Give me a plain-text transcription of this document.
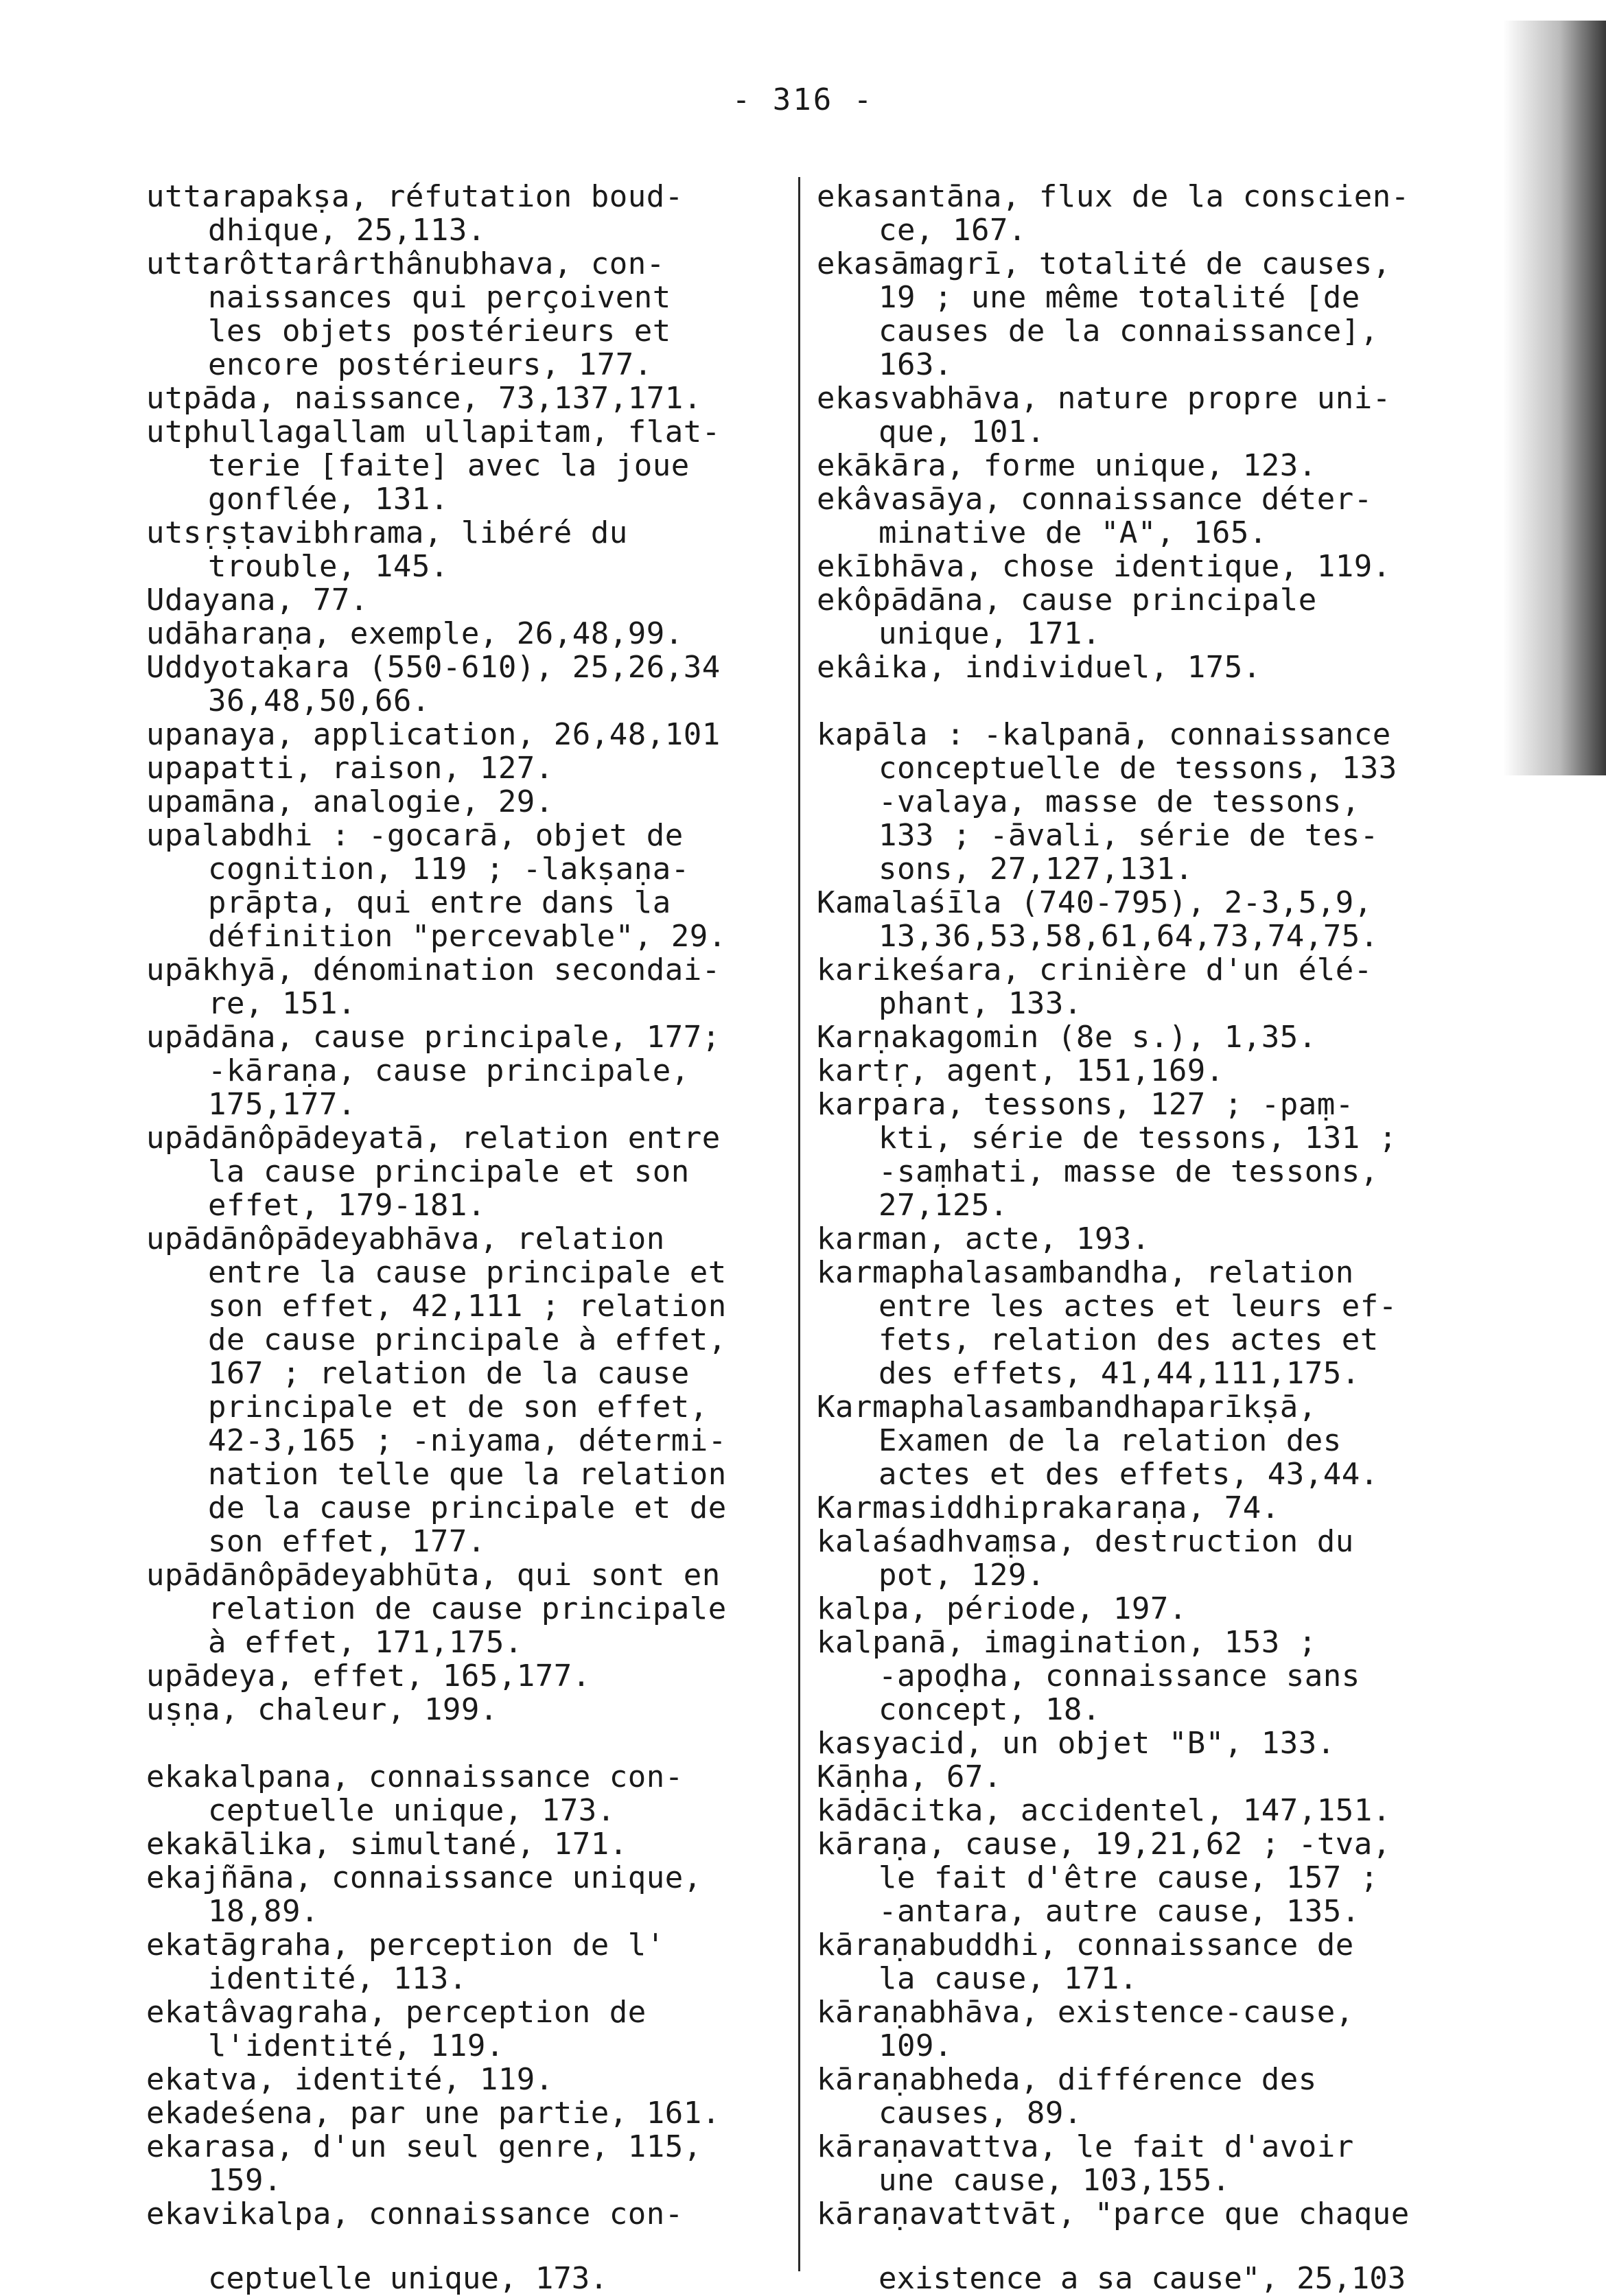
- 316 -

uttarapakṣa, réfutation boud-
dhique, 25,113.

uttarôttarârthânubhava, con-
naissances qui perçoivent
les objets postérieurs et
encore postérieurs, 177.

utpāda, naissance, 73,137,171.

utphullagallam ullapitam, flat-
terie [faite] avec la joue
gonflée, 131.

utsṛṣṭavibhrama, libéré du
trouble, 145.

Udayana, 77.

udāharaṇa, exemple, 26,48,99.

Uddyotakara (550-610), 25,26,34
36,48,50,66.

upanaya, application, 26,48,101

upapatti, raison, 127.

upamāna, analogie, 29.

upalabdhi : -gocarā, objet de
cognition, 119 ; -lakṣaṇa-
prāpta, qui entre dans la
définition "percevable", 29.

upākhyā, dénomination secondai-
re, 151.

upādāna, cause principale, 177;
-kāraṇa, cause principale,
175,177.

upādānôpādeyatā, relation entre
la cause principale et son
effet, 179-181.

upādānôpādeyabhāva, relation
entre la cause principale et
son effet, 42,111 ; relation
de cause principale à effet,
167 ; relation de la cause
principale et de son effet,
42-3,165 ; -niyama, détermi-
nation telle que la relation
de la cause principale et de
son effet, 177.

upādānôpādeyabhūta, qui sont en
relation de cause principale
à effet, 171,175.

upādeya, effet, 165,177.

uṣṇa, chaleur, 199.

ekakalpana, connaissance con-
ceptuelle unique, 173.

ekakālika, simultané, 171.

ekajñāna, connaissance unique,
18,89.

ekatāgraha, perception de l'
identité, 113.

ekatâvagraha, perception de
l'identité, 119.

ekatva, identité, 119.

ekadeśena, par une partie, 161.

ekarasa, d'un seul genre, 115,
159.

ekavikalpa, connaissance con-

ekasantāna, flux de la conscien-
ce, 167.

ekasāmagrī, totalité de causes,
19 ; une même totalité [de
causes de la connaissance],
163.

ekasvabhāva, nature propre uni-
que, 101.

ekākāra, forme unique, 123.

ekâvasāya, connaissance déter-
minative de "A", 165.

ekībhāva, chose identique, 119.

ekôpādāna, cause principale
unique, 171.

ekâika, individuel, 175.

kapāla : -kalpanā, connaissance
conceptuelle de tessons, 133
-valaya, masse de tessons,
133 ; -āvali, série de tes-
sons, 27,127,131.

Kamalaśīla (740-795), 2-3,5,9,
13,36,53,58,61,64,73,74,75.

karikeśara, crinière d'un élé-
phant, 133.

Karṇakagomin (8e s.), 1,35.

kartṛ, agent, 151,169.

karpara, tessons, 127 ; -paṃ-
kti, série de tessons, 131 ;
-saṃhati, masse de tessons,
27,125.

karman, acte, 193.

karmaphalasambandha, relation
entre les actes et leurs ef-
fets, relation des actes et
des effets, 41,44,111,175.

Karmaphalasambandhaparīkṣā,
Examen de la relation des
actes et des effets, 43,44.

Karmasiddhiprakaraṇa, 74.

kalaśadhvaṃsa, destruction du
pot, 129.

kalpa, période, 197.

kalpanā, imagination, 153 ;
-apoḍha, connaissance sans
concept, 18.

kasyacid, un objet "B", 133.

Kāṇha, 67.

kādācitka, accidentel, 147,151.

kāraṇa, cause, 19,21,62 ; -tva,
le fait d'être cause, 157 ;
-antara, autre cause, 135.

kāraṇabuddhi, connaissance de
la cause, 171.

kāraṇabhāva, existence-cause,
109.

kāraṇabheda, différence des
causes, 89.

kāraṇavattva, le fait d'avoir
une cause, 103,155.

kāraṇavattvāt, "parce que chaque

ceptuelle unique, 173.	existence a sa cause", 25,103
